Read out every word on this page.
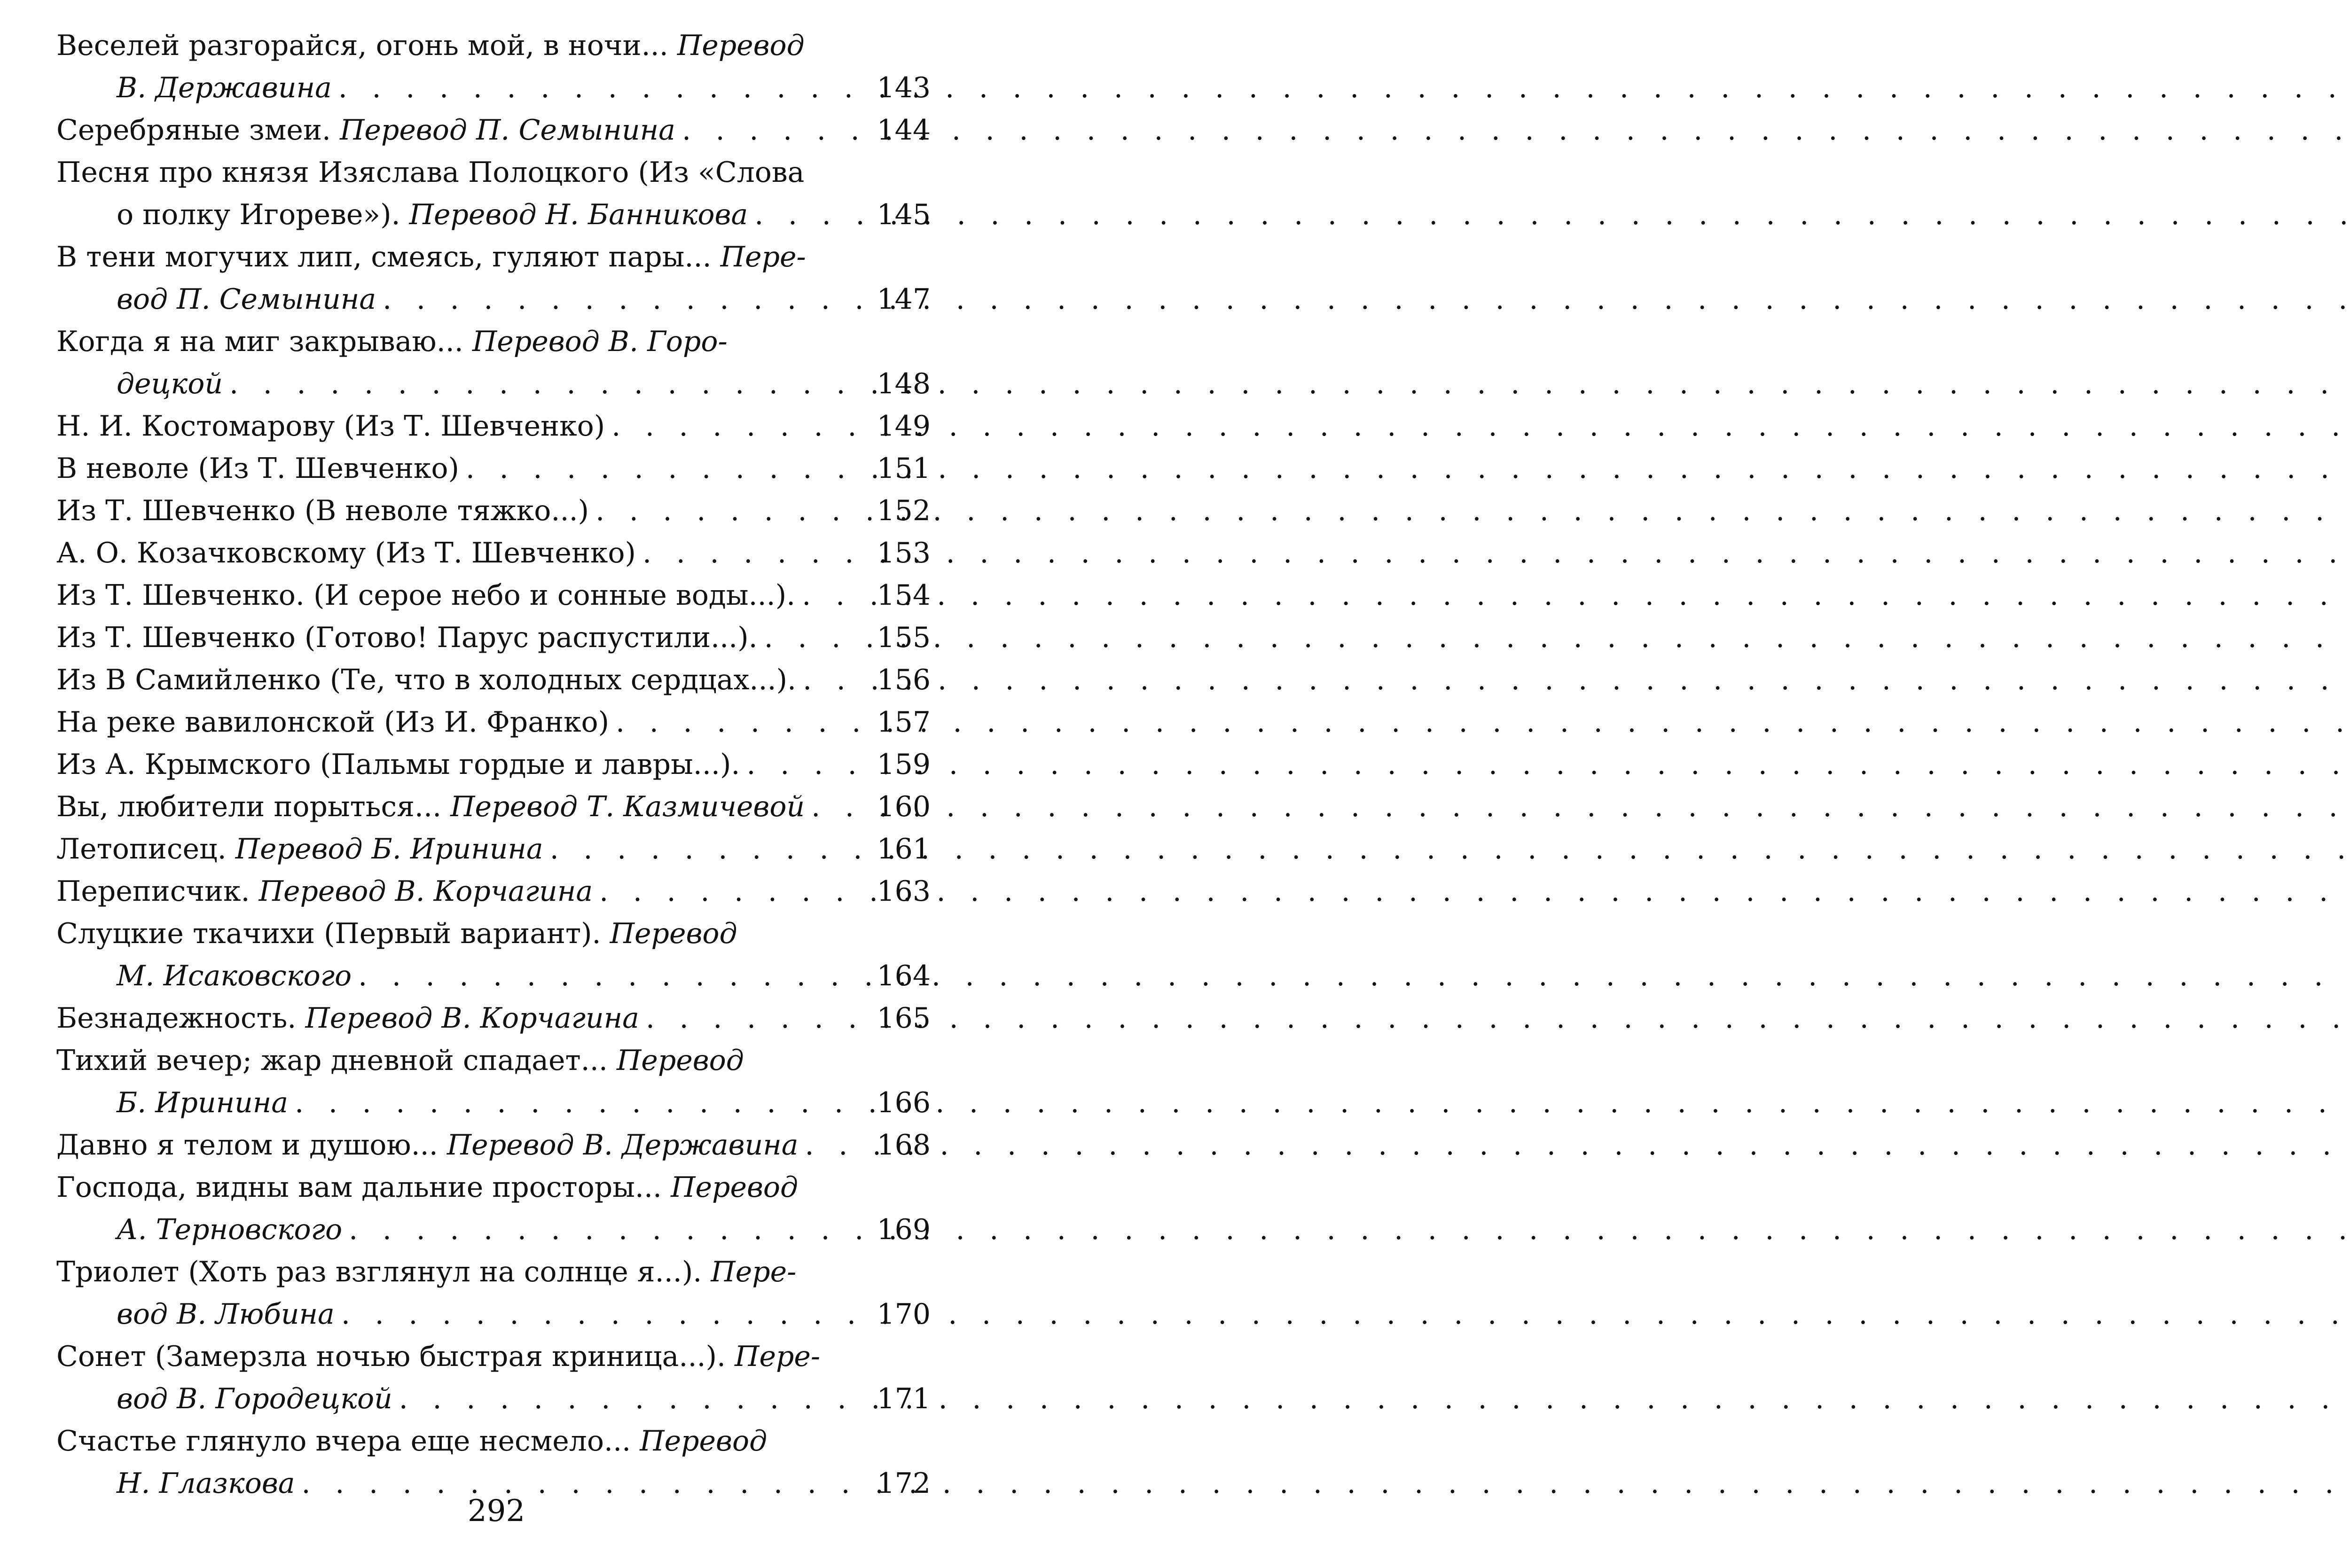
Веселей разгорайся, огонь мой, в ночи... Перевод
В. Державина . . .	143
Серебряные змеи. Перевод П. Семынина . . .	144
Песня про князя Изяслава Полоцкого (Из «Слова
о полку Игореве»). Перевод Н. Банникова . . .	145
В тени могучих лип, смеясь, гуляют пары... Пере-
вод П. Семынина . . .	147
Когда я на миг закрываю... Перевод В. Горо-
децкой . . .	148
Н. И. Костомарову (Из Т. Шевченко) . . .	149
В неволе (Из Т. Шевченко) . . .	151
Из Т. Шевченко (В неволе тяжко...) . . .	152
А. О. Козачковскому (Из Т. Шевченко) . . .	153
Из Т. Шевченко. (И серое небо и сонные воды...). . . .	154
Из Т. Шевченко (Готово! Парус распустили...). . . .	155
Из В Самийленко (Те, что в холодных сердцах...). . . .	156
На реке вавилонской (Из И. Франко) . . .	157
Из А. Крымского (Пальмы гордые и лавры...). . . .	159
Вы, любители порыться... Перевод Т. Казмичевой . . .	160
Летописец. Перевод Б. Иринина . . .	161
Переписчик. Перевод В. Корчагина . . .	163
Слуцкие ткачихи (Первый вариант). Перевод
М. Исаковского . . .	164
Безнадежность. Перевод В. Корчагина . . .	165
Тихий вечер; жар дневной спадает... Перевод
Б. Иринина . . .	166
Давно я телом и душою... Перевод В. Державина . . .	168
Господа, видны вам дальние просторы... Перевод
А. Терновского . . .	169
Триолет (Хоть раз взглянул на солнце я...). Пере-
вод В. Любина . . .	170
Сонет (Замерзла ночью быстрая криница...). Пере-
вод В. Городецкой . . .	171
Счастье глянуло вчера еще несмело... Перевод
Н. Глазкова . . .	172
292
